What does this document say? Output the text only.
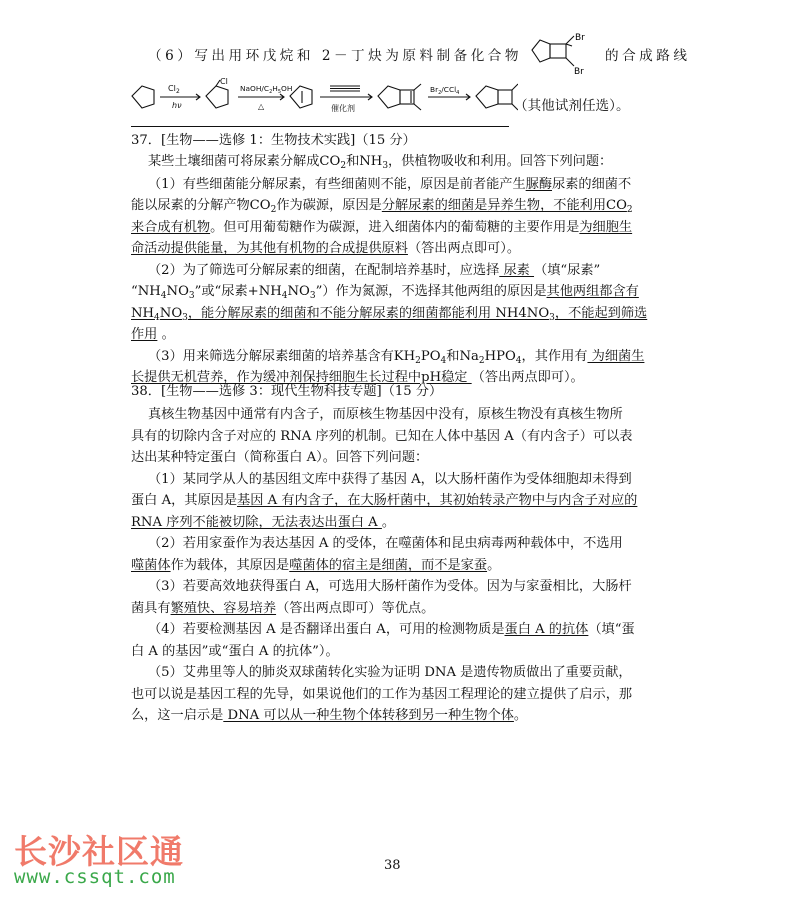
（6）写出用环戊烷和 2－丁炔为原料制备化合物
Br
Br
的合成路线
Cl 2
hν
Cl
NaOH/$C_2H_5OH$
△	催化剂
$Br_2/CCl_4$
（其他试剂任选）。
37．[生物——选修 1：生物技术实践]（15 分）
某些土壤细菌可将尿素分解成$CO_2$和$NH_3$，供植物吸收和利用。回答下列问题：
（1）有些细菌能分解尿素，有些细菌则不能，原因是前者能产生脲酶尿素的细菌不
能以尿素的分解产物$CO_2$作为碳源，原因是分解尿素的细菌是异养生物，不能利用$CO_2$
来合成有机物。但可用葡萄糖作为碳源，进入细菌体内的葡萄糖的主要作用是为细胞生
命活动提供能量，为其他有机物的合成提供原料（答出两点即可）。
（2）为了筛选可分解尿素的细菌，在配制培养基时，应选择 尿素 （填“尿素”
“$NH_4NO_3$”或“尿素$+NH_4NO_3$”）作为氮源，不选择其他两组的原因是其他两组都含有
$NH_4NO_3$，能分解尿素的细菌和不能分解尿素的细菌都能利用 $NH4NO_3$，不能起到筛选
作用 。
（3）用来筛选分解尿素细菌的培养基含有$KH_2PO_4$和$Na_2HPO_4$，其作用有 为细菌生
长提供无机营养，作为缓冲剂保持细胞生长过程中pH稳定 （答出两点即可）。
38．[生物——选修 3：现代生物科技专题]（15 分）
真核生物基因中通常有内含子，而原核生物基因中没有，原核生物没有真核生物所
具有的切除内含子对应的 RNA 序列的机制。已知在人体中基因 A（有内含子）可以表
达出某种特定蛋白（简称蛋白 A）。回答下列问题：
（1）某同学从人的基因组文库中获得了基因 A，以大肠杆菌作为受体细胞却未得到
蛋白 A，其原因是基因 A 有内含子，在大肠杆菌中，其初始转录产物中与内含子对应的
RNA 序列不能被切除，无法表达出蛋白 A 。
（2）若用家蚕作为表达基因 A 的受体，在噬菌体和昆虫病毒两种载体中，不选用
噬菌体作为载体，其原因是噬菌体的宿主是细菌，而不是家蚕。
（3）若要高效地获得蛋白 A，可选用大肠杆菌作为受体。因为与家蚕相比，大肠杆
菌具有繁殖快、容易培养（答出两点即可）等优点。
（4）若要检测基因 A 是否翻译出蛋白 A，可用的检测物质是蛋白 A 的抗体（填“蛋
白 A 的基因”或“蛋白 A 的抗体”）。
（5）艾弗里等人的肺炎双球菌转化实验为证明 DNA 是遗传物质做出了重要贡献，
也可以说是基因工程的先导，如果说他们的工作为基因工程理论的建立提供了启示，那
么，这一启示是 DNA 可以从一种生物个体转移到另一种生物个体。
38
长沙社区通
www.cssqt.com
